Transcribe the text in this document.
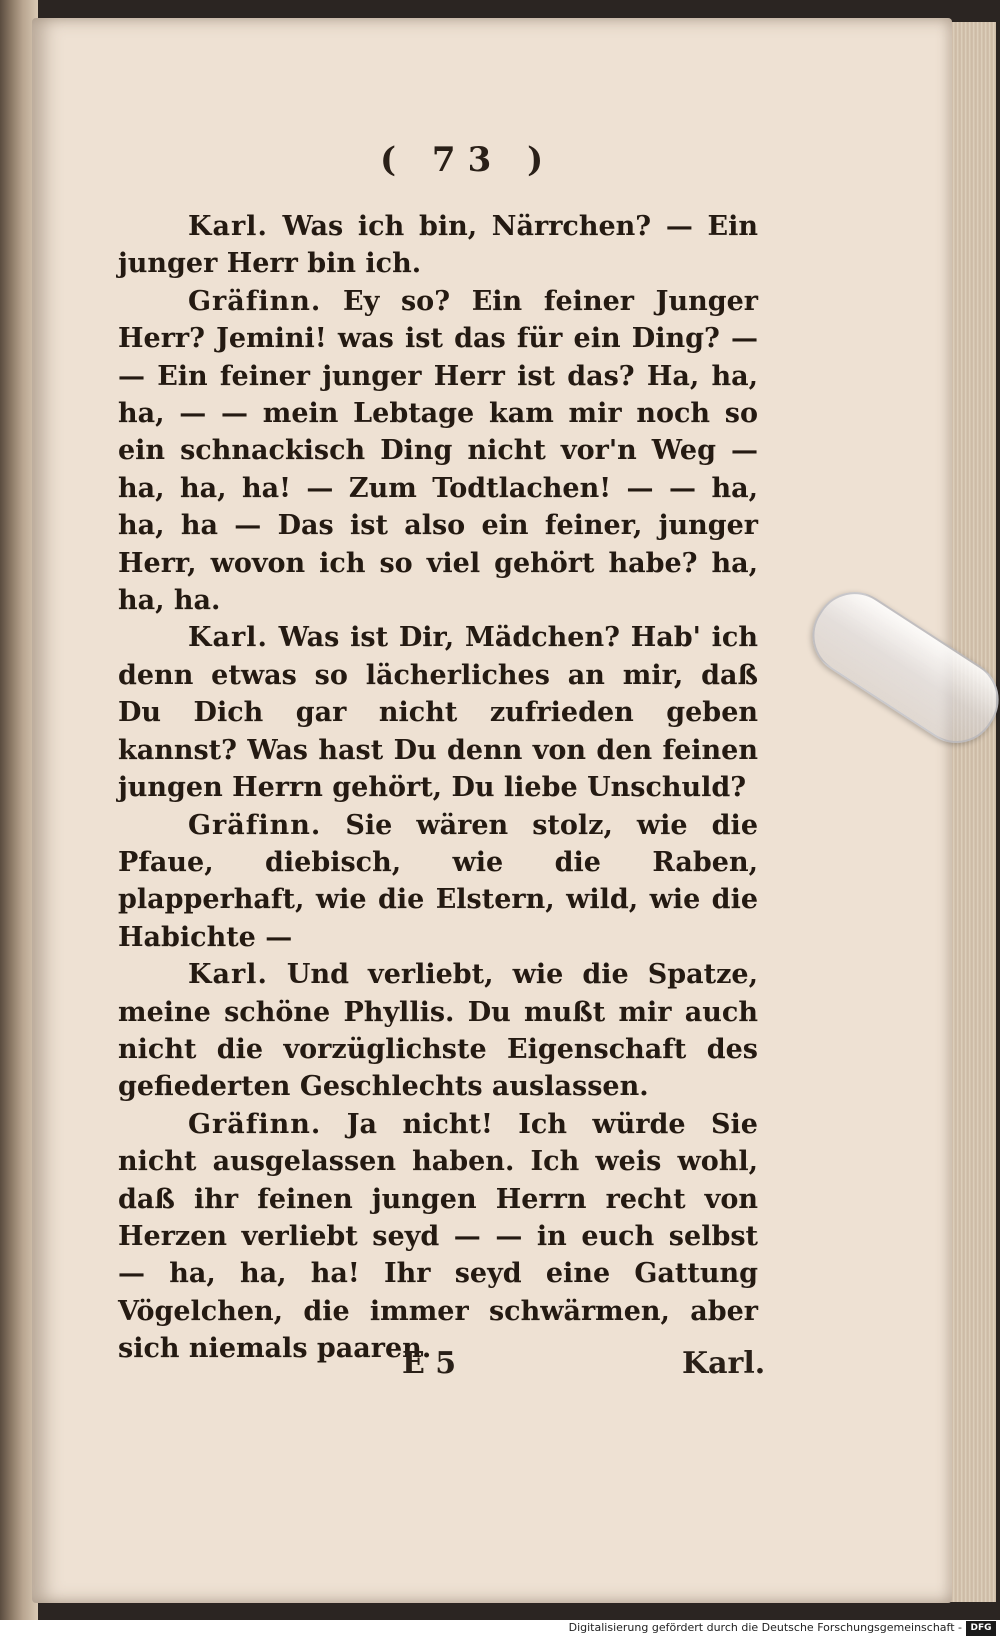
( 73 )

Karl. Was ich bin, Närrchen? — Ein junger Herr bin ich.

Gräfinn. Ey so? Ein feiner Junger Herr? Jemini! was ist das für ein Ding? — — Ein feiner junger Herr ist das? Ha, ha, ha, — — mein Lebtage kam mir noch so ein schnackisch Ding nicht vor'n Weg — ha, ha, ha! — Zum Todtlachen! — — ha, ha, ha — Das ist also ein feiner, junger Herr, wovon ich so viel gehört habe? ha, ha, ha.

Karl. Was ist Dir, Mädchen? Hab' ich denn etwas so lächerliches an mir, daß Du Dich gar nicht zufrieden geben kannst? Was hast Du denn von den feinen jungen Herrn gehört, Du liebe Unschuld?

Gräfinn. Sie wären stolz, wie die Pfaue, diebisch, wie die Raben, plapperhaft, wie die Elstern, wild, wie die Habichte —

Karl. Und verliebt, wie die Spatze, meine schöne Phyllis. Du mußt mir auch nicht die vorzüglichste Eigenschaft des gefiederten Geschlechts auslassen.

Gräfinn. Ja nicht! Ich würde Sie nicht ausgelassen haben. Ich weis wohl, daß ihr feinen jungen Herrn recht von Herzen verliebt seyd — — in euch selbst — ha, ha, ha! Ihr seyd eine Gattung Vögelchen, die immer schwärmen, aber sich niemals paaren.

E 5	Karl.
Digitalisierung gefördert durch die Deutsche Forschungsgemeinschaft - DFG
